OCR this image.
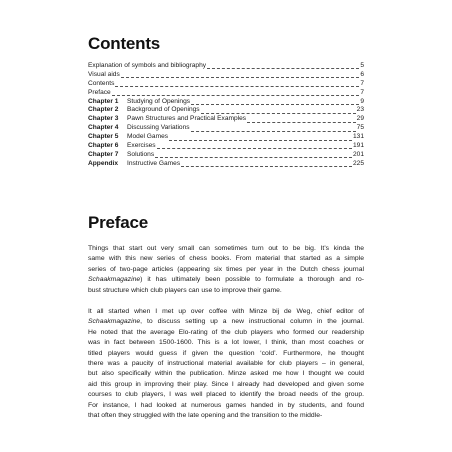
Contents
Explanation of symbols and bibliography	5
Visual aids	6
Contents	7
Preface	7
Chapter 1	Studying of Openings	9
Chapter 2	Background of Openings	23
Chapter 3	Pawn Structures and Practical Examples	29
Chapter 4	Discussing Variations	75
Chapter 5	Model Games	131
Chapter 6	Exercises	191
Chapter 7	Solutions	201
Appendix	Instructive Games	225
Preface

Things that start out very small can sometimes turn out to be big. It’s kinda the
same with this new series of chess books. From material that started as a simple
series of two-page articles (appearing six times per year in the Dutch chess journal
Schaakmagazine) it has ultimately been possible to formulate a thorough and ro-
bust structure which club players can use to improve their game.

It all started when I met up over coffee with Minze bij de Weg, chief editor of
Schaakmagazine, to discuss setting up a new instructional column in the journal.
He noted that the average Elo-rating of the club players who formed our readership
was in fact between 1500-1600. This is a lot lower, I think, than most coaches or
titled players would guess if given the question ‘cold’. Furthermore, he thought
there was a paucity of instructional material available for club players – in general,
but also specifically within the publication. Minze asked me how I thought we could
aid this group in improving their play. Since I already had developed and given some
courses to club players, I was well placed to identify the broad needs of the group.
For instance, I had looked at numerous games handed in by students, and found
that often they struggled with the late opening and the transition to the middle-
